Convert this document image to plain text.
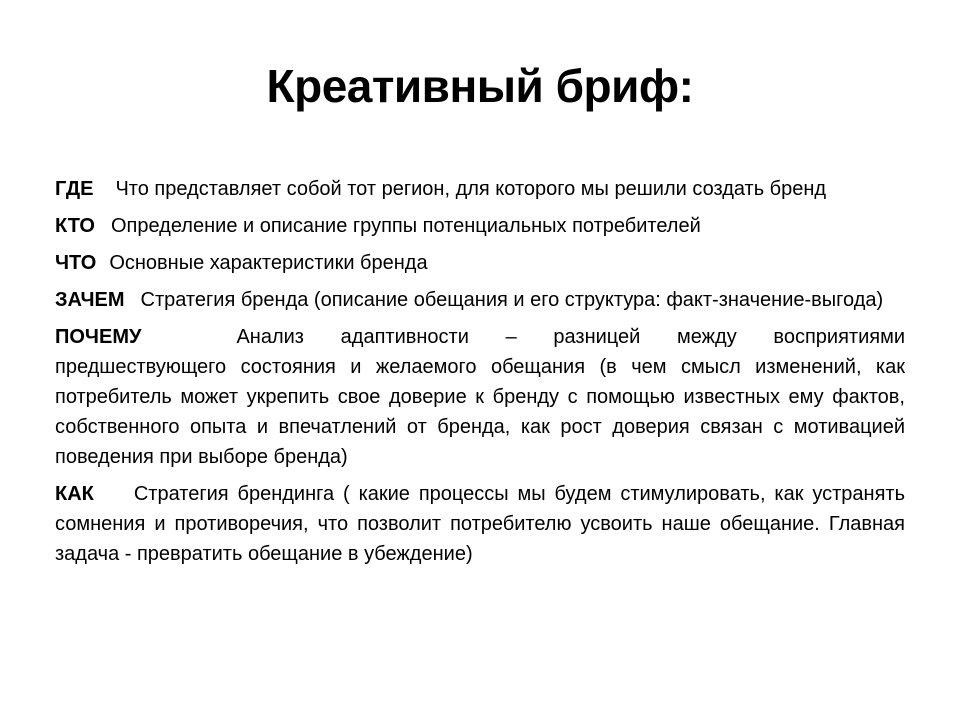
Креативный бриф:

ГДЕ Что представляет собой тот регион, для которого мы решили создать бренд

КТО Определение и описание группы потенциальных потребителей

ЧТО Основные характеристики бренда

ЗАЧЕМ Стратегия бренда (описание обещания и его структура: факт-значение-выгода)

ПОЧЕМУ	Анализ адаптивности – разницей между восприятиями предшествующего состояния и желаемого обещания (в чем смысл изменений, как потребитель может укрепить свое доверие к бренду с помощью известных ему фактов, собственного опыта и впечатлений от бренда, как рост доверия связан с мотивацией поведения при выборе бренда)

КАК Стратегия брендинга ( какие процессы мы будем стимулировать, как устранять сомнения и противоречия, что позволит потребителю усвоить наше обещание. Главная задача - превратить обещание в убеждение)
